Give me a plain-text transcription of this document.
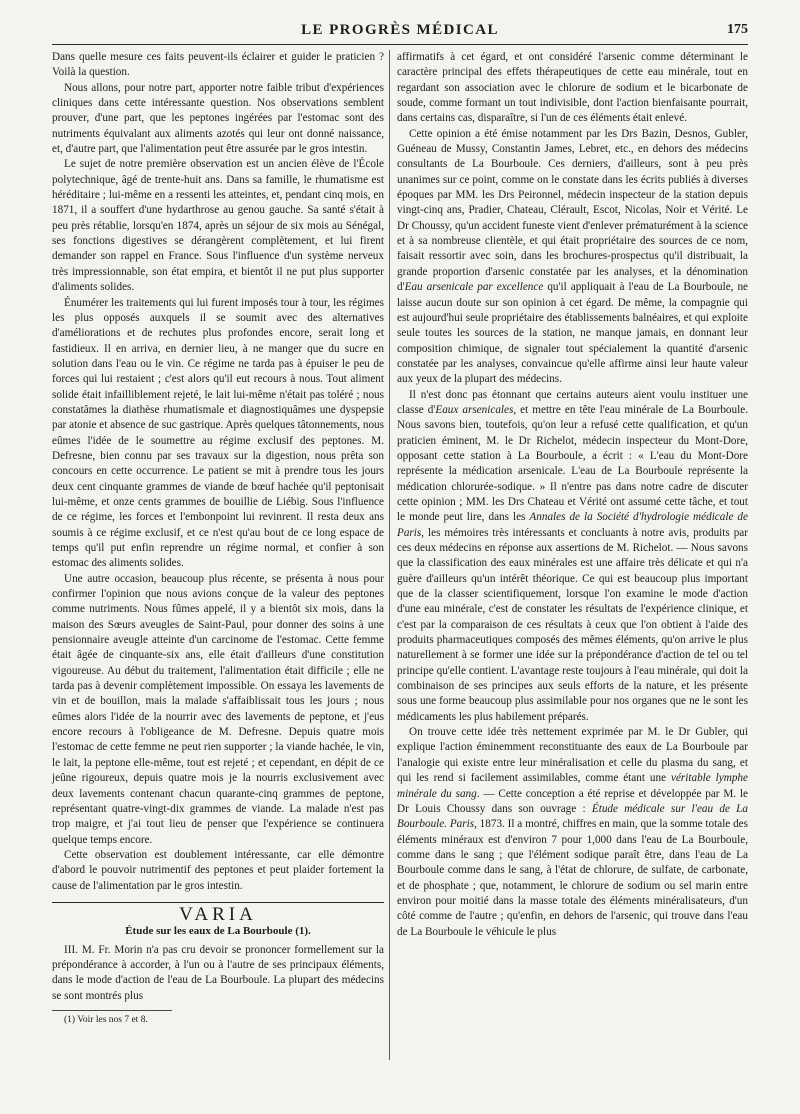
LE PROGRÈS MÉDICAL	175

Dans quelle mesure ces faits peuvent-ils éclairer et guider le praticien ? Voilà la question.

Nous allons, pour notre part, apporter notre faible tribut d'expériences cliniques dans cette intéressante question. Nos observations semblent prouver, d'une part, que les peptones ingérées par l'estomac sont des nutriments équivalant aux aliments azotés qui leur ont donné naissance, et, d'autre part, que l'alimentation peut être assurée par le gros intestin.

Le sujet de notre première observation est un ancien élève de l'École polytechnique, âgé de trente-huit ans. Dans sa famille, le rhumatisme est héréditaire ; lui-même en a ressenti les atteintes, et, pendant cinq mois, en 1871, il a souffert d'une hydarthrose au genou gauche. Sa santé s'était à peu près rétablie, lorsqu'en 1874, après un séjour de six mois au Sénégal, ses fonctions digestives se dérangèrent complètement, et lui firent demander son rappel en France. Sous l'influence d'un système nerveux très impressionnable, son état empira, et bientôt il ne put plus supporter d'aliments solides.

Énumérer les traitements qui lui furent imposés tour à tour, les régimes les plus opposés auxquels il se soumit avec des alternatives d'améliorations et de rechutes plus profondes encore, serait long et fastidieux. Il en arriva, en dernier lieu, à ne manger que du sucre en solution dans l'eau ou le vin. Ce régime ne tarda pas à épuiser le peu de forces qui lui restaient ; c'est alors qu'il eut recours à nous. Tout aliment solide était infailliblement rejeté, le lait lui-même n'était pas toléré ; nous constatâmes la diathèse rhumatismale et diagnostiquâmes une dyspepsie par atonie et absence de suc gastrique. Après quelques tâtonnements, nous eûmes l'idée de le soumettre au régime exclusif des peptones. M. Defresne, bien connu par ses travaux sur la digestion, nous prêta son concours en cette occurrence. Le patient se mit à prendre tous les jours deux cent cinquante grammes de viande de bœuf hachée qu'il peptonisait lui-même, et onze cents grammes de bouillie de Liébig. Sous l'influence de ce régime, les forces et l'embonpoint lui revinrent. Il resta deux ans soumis à ce régime exclusif, et ce n'est qu'au bout de ce long espace de temps qu'il put enfin reprendre un régime normal, et confier à son estomac des aliments solides.

Une autre occasion, beaucoup plus récente, se présenta à nous pour confirmer l'opinion que nous avions conçue de la valeur des peptones comme nutriments. Nous fûmes appelé, il y a bientôt six mois, dans la maison des Sœurs aveugles de Saint-Paul, pour donner des soins à une pensionnaire aveugle atteinte d'un carcinome de l'estomac. Cette femme était âgée de cinquante-six ans, elle était d'ailleurs d'une constitution vigoureuse. Au début du traitement, l'alimentation était difficile ; elle ne tarda pas à devenir complètement impossible. On essaya les lavements de vin et de bouillon, mais la malade s'affaiblissait tous les jours ; nous eûmes alors l'idée de la nourrir avec des lavements de peptone, et j'eus encore recours à l'obligeance de M. Defresne. Depuis quatre mois l'estomac de cette femme ne peut rien supporter ; la viande hachée, le vin, le lait, la peptone elle-même, tout est rejeté ; et cependant, en dépit de ce jeûne rigoureux, depuis quatre mois je la nourris exclusivement avec deux lavements contenant chacun quarante-cinq grammes de peptone, représentant quatre-vingt-dix grammes de viande. La malade n'est pas trop maigre, et j'ai tout lieu de penser que l'expérience se continuera quelque temps encore.

Cette observation est doublement intéressante, car elle démontre d'abord le pouvoir nutrimentif des peptones et peut plaider fortement la cause de l'alimentation par le gros intestin.

VARIA
Étude sur les eaux de La Bourboule (1).

III. M. Fr. Morin n'a pas cru devoir se prononcer formellement sur la prépondérance à accorder, à l'un ou à l'autre de ses principaux éléments, dans le mode d'action de l'eau de La Bourboule. La plupart des médecins se sont montrés plus

(1) Voir les nos 7 et 8.

affirmatifs à cet égard, et ont considéré l'arsenic comme déterminant le caractère principal des effets thérapeutiques de cette eau minérale, tout en regardant son association avec le chlorure de sodium et le bicarbonate de soude, comme formant un tout indivisible, dont l'action bienfaisante pourrait, dans certains cas, disparaître, si l'un de ces éléments était enlevé.

Cette opinion a été émise notamment par les Drs Bazin, Desnos, Gubler, Guéneau de Mussy, Constantin James, Lebret, etc., en dehors des médecins consultants de La Bourboule. Ces derniers, d'ailleurs, sont à peu près unanimes sur ce point, comme on le constate dans les écrits publiés à diverses époques par MM. les Drs Peironnel, médecin inspecteur de la station depuis vingt-cinq ans, Pradier, Chateau, Clérault, Escot, Nicolas, Noir et Vérité. Le Dr Choussy, qu'un accident funeste vient d'enlever prématurément à la science et à sa nombreuse clientèle, et qui était propriétaire des sources de ce nom, faisait ressortir avec soin, dans les brochures-prospectus qu'il distribuait, la grande proportion d'arsenic constatée par les analyses, et la dénomination d'Eau arsenicale par excellence qu'il appliquait à l'eau de La Bourboule, ne laisse aucun doute sur son opinion à cet égard. De même, la compagnie qui est aujourd'hui seule propriétaire des établissements balnéaires, et qui exploite seule toutes les sources de la station, ne manque jamais, en donnant leur composition chimique, de signaler tout spécialement la quantité d'arsenic constatée par les analyses, convaincue qu'elle affirme ainsi leur haute valeur aux yeux de la plupart des médecins.

Il n'est donc pas étonnant que certains auteurs aient voulu instituer une classe d'Eaux arsenicales, et mettre en tête l'eau minérale de La Bourboule. Nous savons bien, toutefois, qu'on leur a refusé cette qualification, et qu'un praticien éminent, M. le Dr Richelot, médecin inspecteur du Mont-Dore, opposant cette station à La Bourboule, a écrit : « L'eau du Mont-Dore représente la médication arsenicale. L'eau de La Bourboule représente la médication chlorurée-sodique. » Il n'entre pas dans notre cadre de discuter cette opinion ; MM. les Drs Chateau et Vérité ont assumé cette tâche, et tout le monde peut lire, dans les Annales de la Société d'hydrologie médicale de Paris, les mémoires très intéressants et concluants à notre avis, produits par ces deux médecins en réponse aux assertions de M. Richelot. — Nous savons que la classification des eaux minérales est une affaire très délicate et qui n'a guère d'ailleurs qu'un intérêt théorique. Ce qui est beaucoup plus important que de la classer scientifiquement, lorsque l'on examine le mode d'action d'une eau minérale, c'est de constater les résultats de l'expérience clinique, et c'est par la comparaison de ces résultats à ceux que l'on obtient à l'aide des produits pharmaceutiques composés des mêmes éléments, qu'on arrive le plus naturellement à se former une idée sur la prépondérance d'action de tel ou tel principe qu'elle contient. L'avantage reste toujours à l'eau minérale, qui doit la combinaison de ses principes aux seuls efforts de la nature, et les présente sous une forme beaucoup plus assimilable pour nos organes que ne le sont les médicaments les plus habilement préparés.

On trouve cette idée très nettement exprimée par M. le Dr Gubler, qui explique l'action éminemment reconstituante des eaux de La Bourboule par l'analogie qui existe entre leur minéralisation et celle du plasma du sang, et qui les rend si facilement assimilables, comme étant une véritable lymphe minérale du sang. — Cette conception a été reprise et développée par M. le Dr Louis Choussy dans son ouvrage : Étude médicale sur l'eau de La Bourboule. Paris, 1873. Il a montré, chiffres en main, que la somme totale des éléments minéraux est d'environ 7 pour 1,000 dans l'eau de La Bourboule, comme dans le sang ; que l'élément sodique paraît être, dans l'eau de La Bourboule comme dans le sang, à l'état de chlorure, de sulfate, de carbonate, et de phosphate ; que, notamment, le chlorure de sodium ou sel marin entre environ pour moitié dans la masse totale des éléments minéralisateurs, d'un côté comme de l'autre ; qu'enfin, en dehors de l'arsenic, qui trouve dans l'eau de La Bourboule le véhicule le plus
